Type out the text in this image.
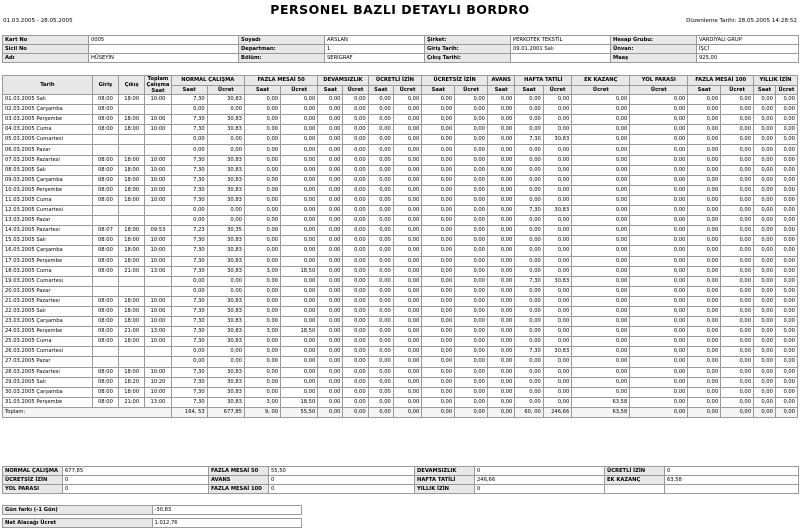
PERSONEL BAZLI DETAYLI BORDRO
01.03.2005 - 28.05.2005	Düzenleme Tarihi: 28.05.2005 14:28:52
Kart No	0005	Soyadı	ARSLAN	Şirket:	PERKOTEK TEKSTİL	Hesap Grubu:	VARDİYALI GRUP
Sicil No		Departman:	1	Giriş Tarih:	09.01.2001 Salı	Ünvan:	İŞÇİ
Adı	HÜSEYİN	Bölüm:	SERİGRAF	Çıkış Tarihi:		Maaş	925,00
Tarih	Giriş	Çıkış	Toplam Çalışma Saat	NORMAL ÇALIŞMA		FAZLA MESAİ 50		DEVAMSIZLIK		ÜCRETLİ İZİN		ÜCRETSİZ İZİN		AVANS	HAFTA TATİLİ		EK KAZANÇ	YOL PARASI	FAZLA MESAİ 100		YILLIK İZİN	
				Saat	Ücret	Saat	Ücret	Saat	Ücret	Saat	Ücret	Saat	Ücret	Saat	Saat	Ücret	Ücret	Ücret	Saat	Ücret	Saat	Ücret
01.03.2005 Salı	08:00	18:00	10:00	7,30	30,83	0,00	0,00	0,00	0,00	0,00	0,00	0,00	0,00	0,00	0,00	0,00	0,00	0,00	0,00	0,00	0,00	0,00
02.03.2005 Çarşamba	08:00			0,00	0,00	0,00	0,00	0,00	0,00	0,00	0,00	0,00	0,00	0,00	0,00	0,00	0,00	0,00	0,00	0,00	0,00	0,00
03.03.2005 Perşembe	08:00	18:00	10:00	7,30	30,83	0,00	0,00	0,00	0,00	0,00	0,00	0,00	0,00	0,00	0,00	0,00	0,00	0,00	0,00	0,00	0,00	0,00
04.03.2005 Cuma	08:00	18:00	10:00	7,30	30,83	0,00	0,00	0,00	0,00	0,00	0,00	0,00	0,00	0,00	0,00	0,00	0,00	0,00	0,00	0,00	0,00	0,00
05.03.2005 Cumartesi				0,00	0,00	0,00	0,00	0,00	0,00	0,00	0,00	0,00	0,00	0,00	7,30	30,83	0,00	0,00	0,00	0,00	0,00	0,00
06.03.2005 Pazar				0,00	0,00	0,00	0,00	0,00	0,00	0,00	0,00	0,00	0,00	0,00	0,00	0,00	0,00	0,00	0,00	0,00	0,00	0,00
07.03.2005 Pazartesi	08:00	18:00	10:00	7,30	30,83	0,00	0,00	0,00	0,00	0,00	0,00	0,00	0,00	0,00	0,00	0,00	0,00	0,00	0,00	0,00	0,00	0,00
08.03.2005 Salı	08:00	18:00	10:00	7,30	30,83	0,00	0,00	0,00	0,00	0,00	0,00	0,00	0,00	0,00	0,00	0,00	0,00	0,00	0,00	0,00	0,00	0,00
09.03.2005 Çarşamba	08:00	18:00	10:00	7,30	30,83	0,00	0,00	0,00	0,00	0,00	0,00	0,00	0,00	0,00	0,00	0,00	0,00	0,00	0,00	0,00	0,00	0,00
10.03.2005 Perşembe	08:00	18:00	10:00	7,30	30,83	0,00	0,00	0,00	0,00	0,00	0,00	0,00	0,00	0,00	0,00	0,00	0,00	0,00	0,00	0,00	0,00	0,00
11.03.2005 Cuma	08:00	18:00	10:00	7,30	30,83	0,00	0,00	0,00	0,00	0,00	0,00	0,00	0,00	0,00	0,00	0,00	0,00	0,00	0,00	0,00	0,00	0,00
12.03.2005 Cumartesi				0,00	0,00	0,00	0,00	0,00	0,00	0,00	0,00	0,00	0,00	0,00	7,30	30,83	0,00	0,00	0,00	0,00	0,00	0,00
13.03.2005 Pazar				0,00	0,00	0,00	0,00	0,00	0,00	0,00	0,00	0,00	0,00	0,00	0,00	0,00	0,00	0,00	0,00	0,00	0,00	0,00
14.03.2005 Pazartesi	08:07	18:00	09:53	7,23	30,35	0,00	0,00	0,00	0,00	0,00	0,00	0,00	0,00	0,00	0,00	0,00	0,00	0,00	0,00	0,00	0,00	0,00
15.03.2005 Salı	08:00	18:00	10:00	7,30	30,83	0,00	0,00	0,00	0,00	0,00	0,00	0,00	0,00	0,00	0,00	0,00	0,00	0,00	0,00	0,00	0,00	0,00
16.03.2005 Çarşamba	08:00	18:00	10:00	7,30	30,83	0,00	0,00	0,00	0,00	0,00	0,00	0,00	0,00	0,00	0,00	0,00	0,00	0,00	0,00	0,00	0,00	0,00
17.03.2005 Perşembe	08:00	18:00	10:00	7,30	30,83	0,00	0,00	0,00	0,00	0,00	0,00	0,00	0,00	0,00	0,00	0,00	0,00	0,00	0,00	0,00	0,00	0,00
18.03.2005 Cuma	08:00	21:00	13:00	7,30	30,83	3,00	18,50	0,00	0,00	0,00	0,00	0,00	0,00	0,00	0,00	0,00	0,00	0,00	0,00	0,00	0,00	0,00
19.03.2005 Cumartesi				0,00	0,00	0,00	0,00	0,00	0,00	0,00	0,00	0,00	0,00	0,00	7,30	30,83	0,00	0,00	0,00	0,00	0,00	0,00
20.03.2005 Pazar				0,00	0,00	0,00	0,00	0,00	0,00	0,00	0,00	0,00	0,00	0,00	0,00	0,00	0,00	0,00	0,00	0,00	0,00	0,00
21.03.2005 Pazartesi	08:00	18:00	10:00	7,30	30,83	0,00	0,00	0,00	0,00	0,00	0,00	0,00	0,00	0,00	0,00	0,00	0,00	0,00	0,00	0,00	0,00	0,00
22.03.2005 Salı	08:00	18:00	10:00	7,30	30,83	0,00	0,00	0,00	0,00	0,00	0,00	0,00	0,00	0,00	0,00	0,00	0,00	0,00	0,00	0,00	0,00	0,00
23.03.2005 Çarşamba	08:00	18:00	10:00	7,30	30,83	0,00	0,00	0,00	0,00	0,00	0,00	0,00	0,00	0,00	0,00	0,00	0,00	0,00	0,00	0,00	0,00	0,00
24.03.2005 Perşembe	08:00	21:00	13:00	7,30	30,83	3,00	18,50	0,00	0,00	0,00	0,00	0,00	0,00	0,00	0,00	0,00	0,00	0,00	0,00	0,00	0,00	0,00
25.03.2005 Cuma	08:00	18:00	10:00	7,30	30,83	0,00	0,00	0,00	0,00	0,00	0,00	0,00	0,00	0,00	0,00	0,00	0,00	0,00	0,00	0,00	0,00	0,00
26.03.2005 Cumartesi				0,00	0,00	0,00	0,00	0,00	0,00	0,00	0,00	0,00	0,00	0,00	7,30	30,83	0,00	0,00	0,00	0,00	0,00	0,00
27.03.2005 Pazar				0,00	0,00	0,00	0,00	0,00	0,00	0,00	0,00	0,00	0,00	0,00	0,00	0,00	0,00	0,00	0,00	0,00	0,00	0,00
28.03.2005 Pazartesi	08:00	18:00	10:00	7,30	30,83	0,00	0,00	0,00	0,00	0,00	0,00	0,00	0,00	0,00	0,00	0,00	0,00	0,00	0,00	0,00	0,00	0,00
29.03.2005 Salı	08:00	18:20	10:20	7,30	30,83	0,00	0,00	0,00	0,00	0,00	0,00	0,00	0,00	0,00	0,00	0,00	0,00	0,00	0,00	0,00	0,00	0,00
30.03.2005 Çarşamba	08:00	18:00	10:00	7,30	30,83	0,00	0,00	0,00	0,00	0,00	0,00	0,00	0,00	0,00	0,00	0,00	0,00	0,00	0,00	0,00	0,00	0,00
31.03.2005 Perşembe	08:00	21:00	13:00	7,30	30,83	3,00	18,50	0,00	0,00	0,00	0,00	0,00	0,00	0,00	0,00	0,00	63,58	0,00	0,00	0,00	0,00	0,00
Toplam:				164, 53	677,85	9, 00	55,50	0,00	0,00	0,00	0,00	0,00	0,00	0,00	60, 00	246,66	63,58	0,00	0,00	0,00	0,00	0,00
NORMAL ÇALIŞMA	677,85	FAZLA MESAİ 50	55,50	DEVAMSIZLIK	0	ÜCRETLİ İZİN	0
ÜCRETSİZ İZİN	0	AVANS	0	HAFTA TATİLİ	246,66	EK KAZANÇ	63,58
YOL PARASI	0	FAZLA MESAİ 100	0	YILLIK İZİN	0		
Gün farkı (-1 Gün)	-30,83
Net Alacağı Ücret	1.012,76
